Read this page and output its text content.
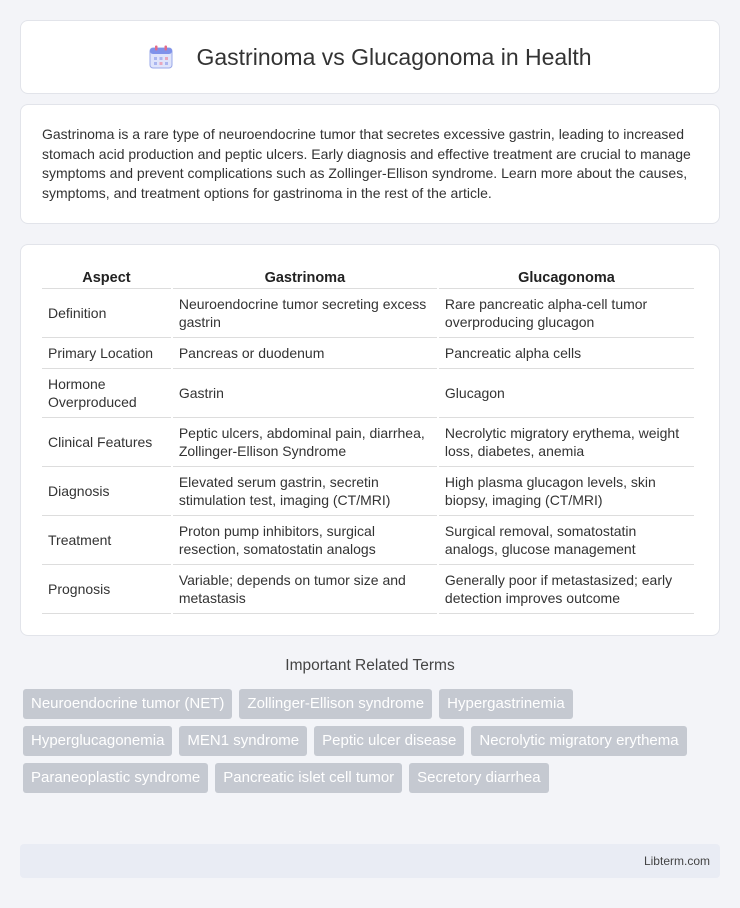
Gastrinoma vs Glucagonoma in Health

Gastrinoma is a rare type of neuroendocrine tumor that secretes excessive gastrin, leading to increased stomach acid production and peptic ulcers. Early diagnosis and effective treatment are crucial to manage symptoms and prevent complications such as Zollinger-Ellison syndrome. Learn more about the causes, symptoms, and treatment options for gastrinoma in the rest of the article.

Aspect	Gastrinoma	Glucagonoma
Definition	Neuroendocrine tumor secreting excess gastrin	Rare pancreatic alpha-cell tumor overproducing glucagon
Primary Location	Pancreas or duodenum	Pancreatic alpha cells
Hormone Overproduced	Gastrin	Glucagon
Clinical Features	Peptic ulcers, abdominal pain, diarrhea, Zollinger-Ellison Syndrome	Necrolytic migratory erythema, weight loss, diabetes, anemia
Diagnosis	Elevated serum gastrin, secretin stimulation test, imaging (CT/MRI)	High plasma glucagon levels, skin biopsy, imaging (CT/MRI)
Treatment	Proton pump inhibitors, surgical resection, somatostatin analogs	Surgical removal, somatostatin analogs, glucose management
Prognosis	Variable; depends on tumor size and metastasis	Generally poor if metastasized; early detection improves outcome
Important Related Terms
Neuroendocrine tumor (NET)	Zollinger-Ellison syndrome	Hypergastrinemia
Hyperglucagonemia	MEN1 syndrome	Peptic ulcer disease	Necrolytic migratory erythema
Paraneoplastic syndrome	Pancreatic islet cell tumor	Secretory diarrhea
Libterm.com
